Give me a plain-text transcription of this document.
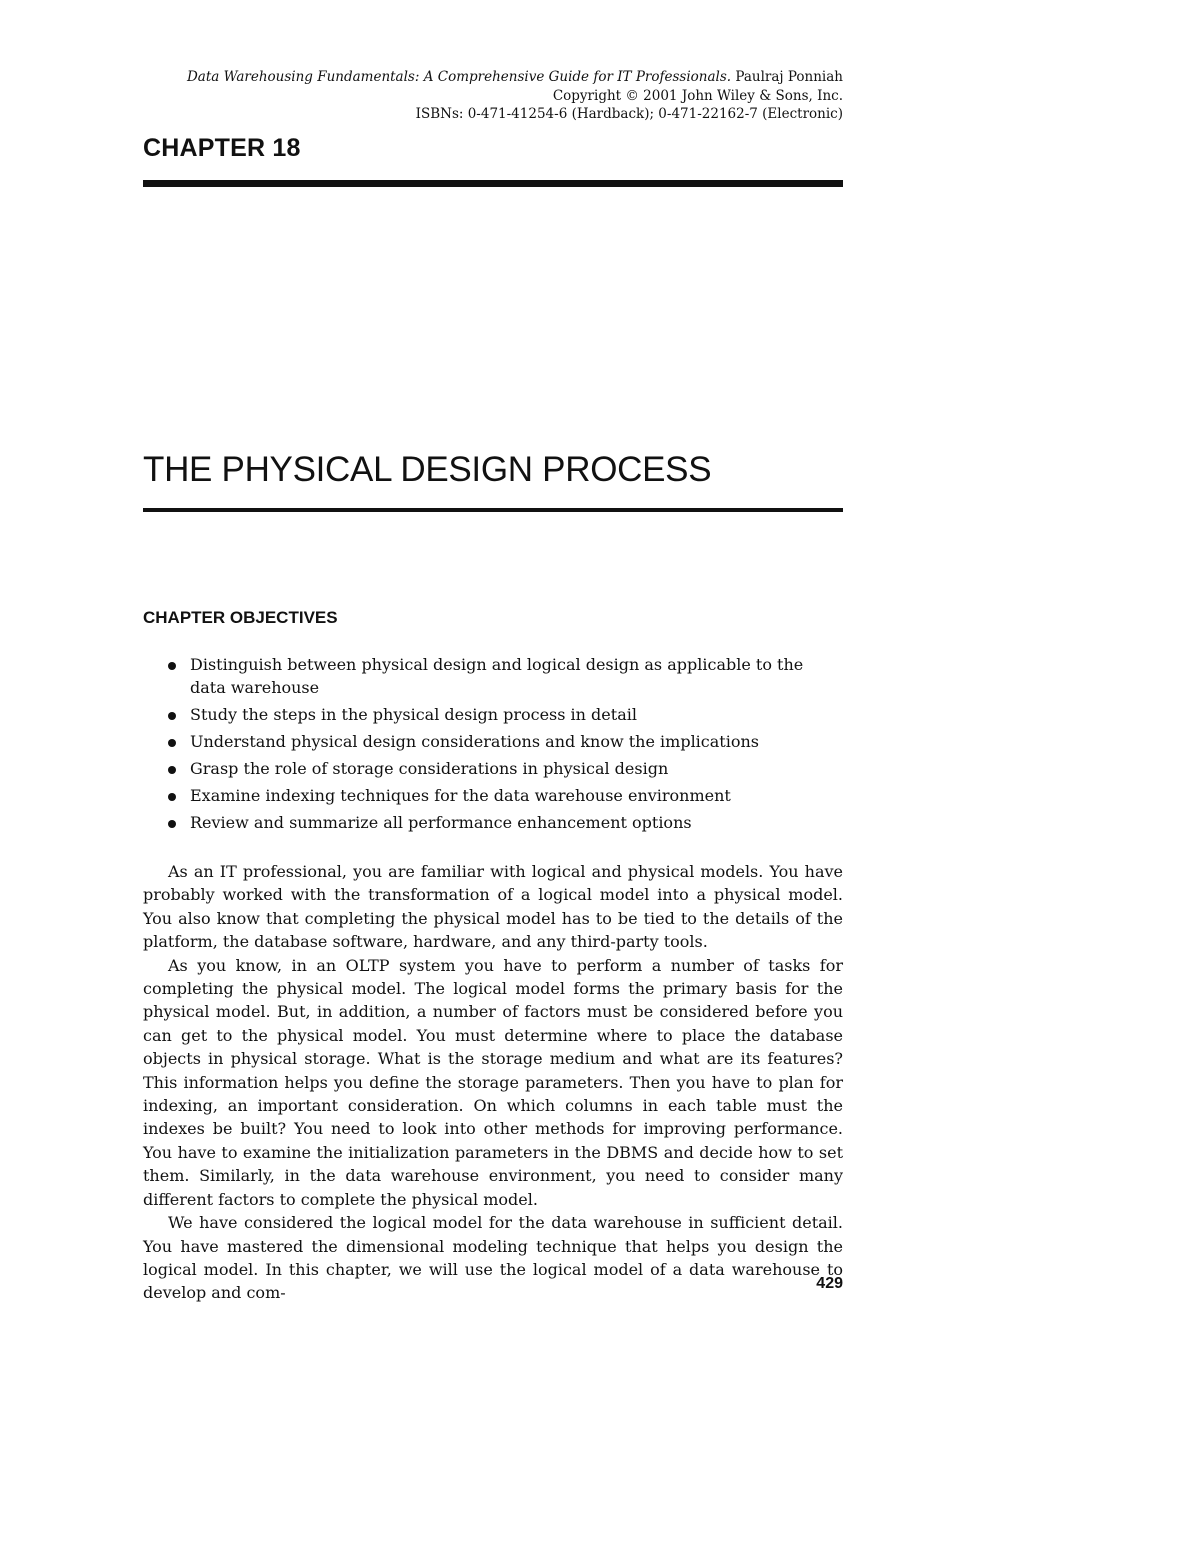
Data Warehousing Fundamentals: A Comprehensive Guide for IT Professionals. Paulraj Ponniah
Copyright © 2001 John Wiley & Sons, Inc.
ISBNs: 0-471-41254-6 (Hardback); 0-471-22162-7 (Electronic)
CHAPTER 18
THE PHYSICAL DESIGN PROCESS
CHAPTER OBJECTIVES
Distinguish between physical design and logical design as applicable to the data warehouse
Study the steps in the physical design process in detail
Understand physical design considerations and know the implications
Grasp the role of storage considerations in physical design
Examine indexing techniques for the data warehouse environment
Review and summarize all performance enhancement options

As an IT professional, you are familiar with logical and physical models. You have probably worked with the transformation of a logical model into a physical model. You also know that completing the physical model has to be tied to the details of the platform, the database software, hardware, and any third-party tools.

As you know, in an OLTP system you have to perform a number of tasks for completing the physical model. The logical model forms the primary basis for the physical model. But, in addition, a number of factors must be considered before you can get to the physical model. You must determine where to place the database objects in physical storage. What is the storage medium and what are its features? This information helps you define the storage parameters. Then you have to plan for indexing, an important consideration. On which columns in each table must the indexes be built? You need to look into other methods for improving performance. You have to examine the initialization parameters in the DBMS and decide how to set them. Similarly, in the data warehouse environment, you need to consider many different factors to complete the physical model.

We have considered the logical model for the data warehouse in sufficient detail. You have mastered the dimensional modeling technique that helps you design the logical model. In this chapter, we will use the logical model of a data warehouse to develop and com-	429
